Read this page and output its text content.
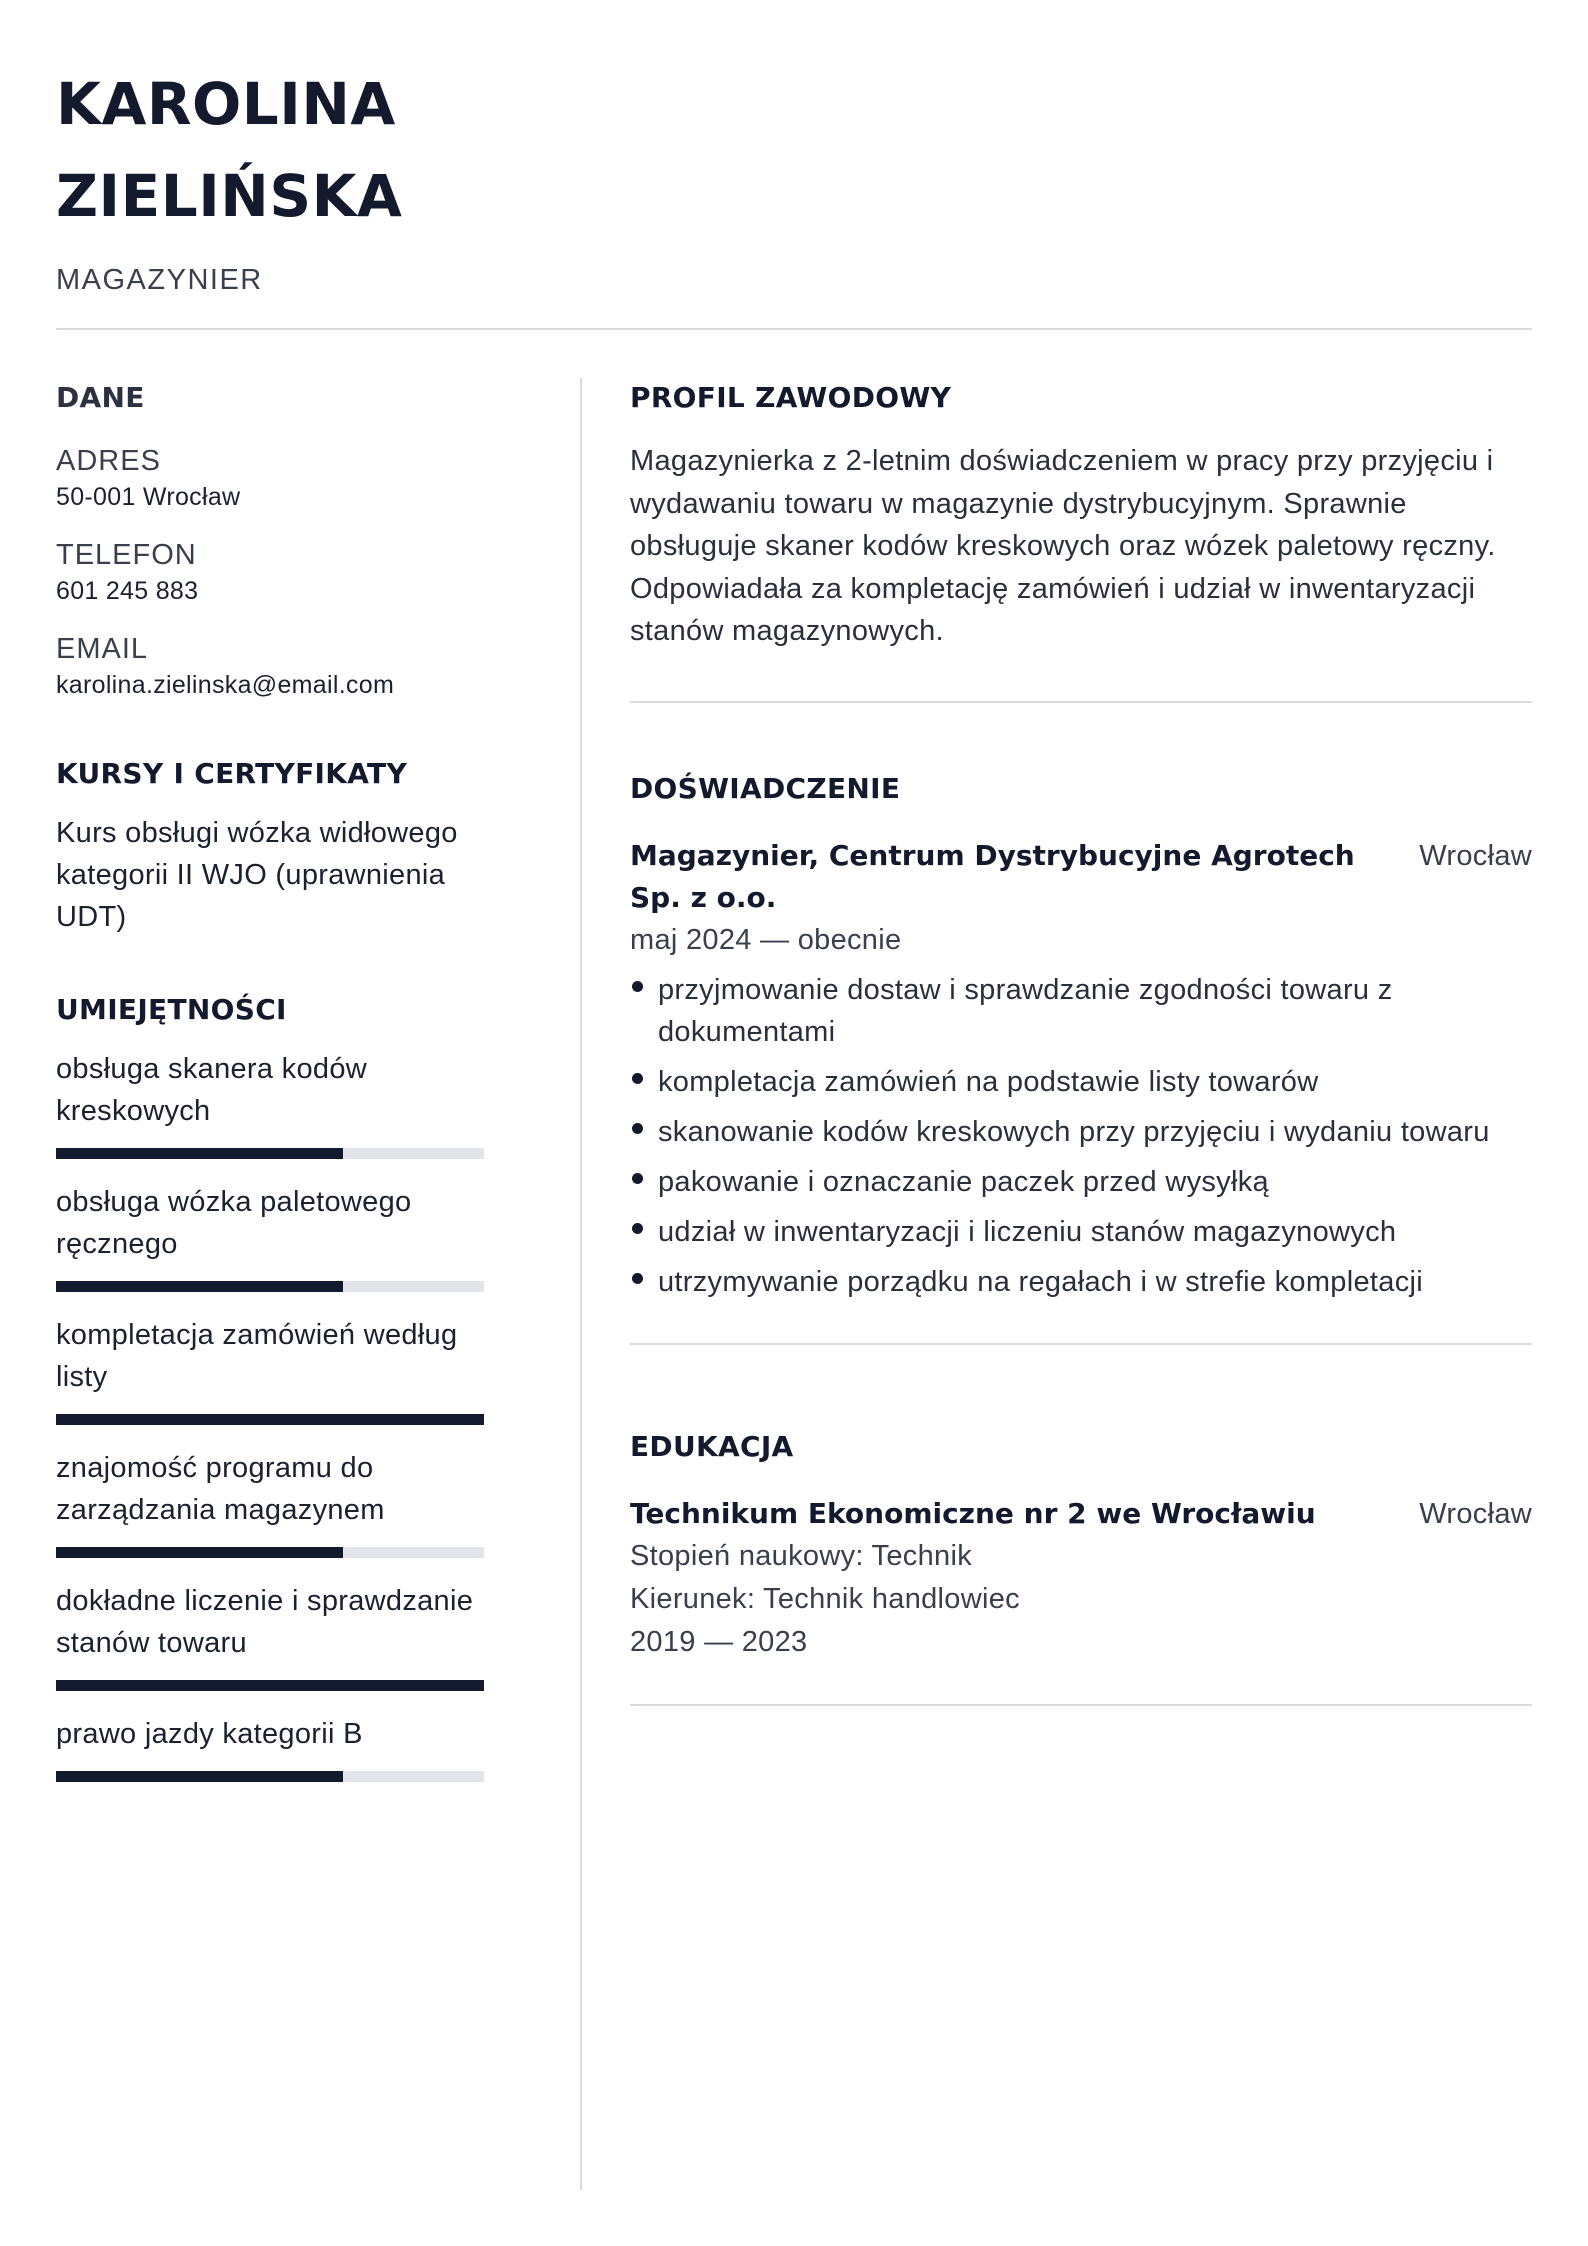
KAROLINA
ZIELIŃSKA
MAGAZYNIER
DANE
ADRES
50-001 Wrocław
TELEFON
601 245 883
EMAIL
karolina.zielinska@email.com
KURSY I CERTYFIKATY
Kurs obsługi wózka widłowego kategorii II WJO (uprawnienia UDT)
UMIEJĘTNOŚCI
obsługa skanera kodów kreskowych
obsługa wózka paletowego ręcznego
kompletacja zamówień według listy
znajomość programu do zarządzania magazynem
dokładne liczenie i sprawdzanie stanów towaru
prawo jazdy kategorii B
PROFIL ZAWODOWY

Magazynierka z 2-letnim doświadczeniem w pracy przy przyjęciu i wydawaniu towaru w magazynie dystrybucyjnym. Sprawnie obsługuje skaner kodów kreskowych oraz wózek paletowy ręczny. Odpowiadała za kompletację zamówień i udział w inwentaryzacji stanów magazynowych.

DOŚWIADCZENIE
Magazynier, Centrum Dystrybucyjne Agrotech Sp. z o.o.
Wrocław
maj 2024 — obecnie
przyjmowanie dostaw i sprawdzanie zgodności towaru z dokumentami
kompletacja zamówień na podstawie listy towarów
skanowanie kodów kreskowych przy przyjęciu i wydaniu towaru
pakowanie i oznaczanie paczek przed wysyłką
udział w inwentaryzacji i liczeniu stanów magazynowych
utrzymywanie porządku na regałach i w strefie kompletacji
EDUKACJA
Technikum Ekonomiczne nr 2 we Wrocławiu	Wrocław
Stopień naukowy: Technik
Kierunek: Technik handlowiec
2019 — 2023
